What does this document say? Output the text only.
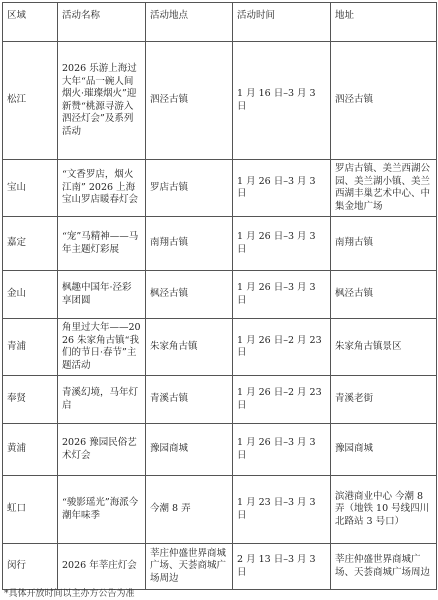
区域	活动名称	活动地点	活动时间	地址
松江	2026 乐游上海过大年“品一碗人间烟火·璀璨烟火”迎新赞“桃源寻游入泗泾灯会”及系列活动	泗泾古镇	1 月 16 日–3 月 3 日	泗泾古镇
宝山	“文香罗店，烟火江南” 2026 上海宝山罗店暖春灯会	罗店古镇	1 月 26 日–3 月 3 日	罗店古镇、美兰西湖公园、美兰湖小镇、美兰西湖丰巢艺术中心、中集金地广场
嘉定	“宠”马精神——马年主题灯彩展	南翔古镇	1 月 26 日–3 月 3 日	南翔古镇
金山	枫趣中国年·泾彩享团圆	枫泾古镇	1 月 26 日–3 月 3 日	枫泾古镇
青浦	角里过大年——2026 朱家角古镇“我们的节日·春节”主题活动	朱家角古镇	1 月 26 日–2 月 23 日	朱家角古镇景区
奉贤	青溪幻境，马年灯启	青溪古镇	1 月 26 日–2 月 23 日	青溪老街
黄浦	2026 豫园民俗艺术灯会	豫园商城	1 月 26 日–3 月 3 日	豫园商城
虹口	“骏影瑶光”海派今潮年味季	今潮 8 弄	1 月 23 日–3 月 3 日	滨港商业中心 今潮 8 弄（地铁 10 号线四川北路站 3 号口）
闵行	2026 年莘庄灯会	莘庄仲盛世界商城广场、天荟商城广场周边	2 月 13 日–3 月 3 日	莘庄仲盛世界商城广场、天荟商城广场周边
*具体开放时间以主办方公告为准
